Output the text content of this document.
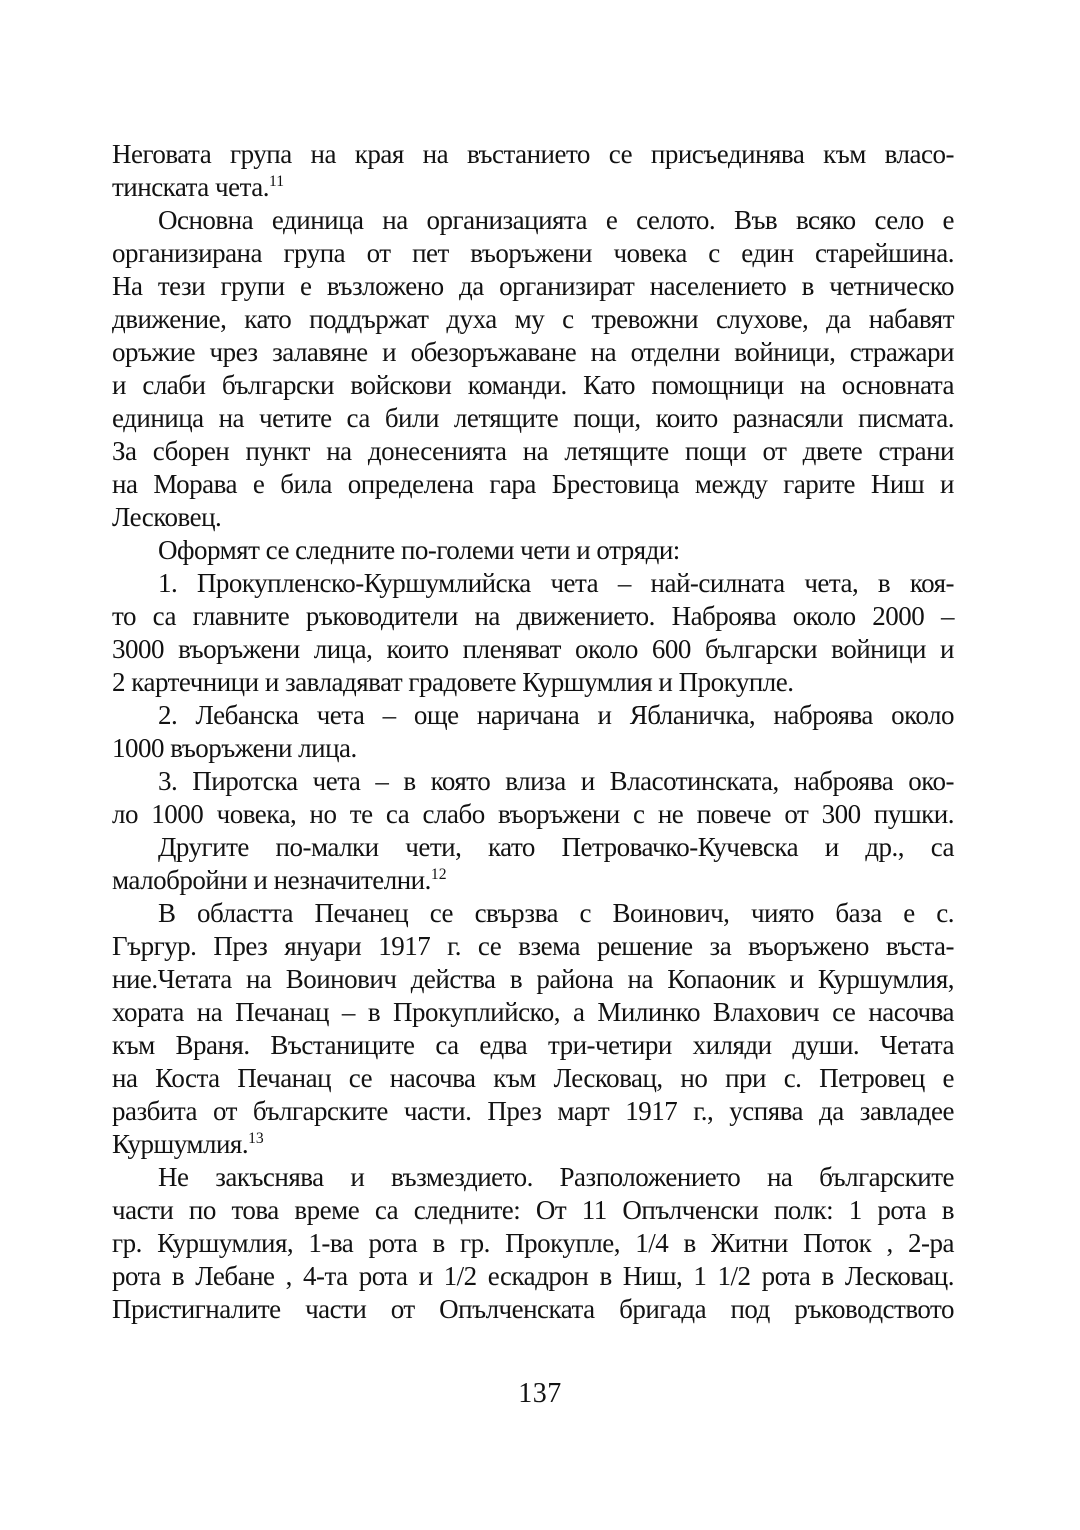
Неговата група на края на въстанието се присъединява към власо-
тинската чета.$^{11}$
Основна единица на организацията е селото. Във всяко село е
организирана група от пет въоръжени човека с един старейшина.
На тези групи е възложено да организират населението в четническо
движение, като поддържат духа му с тревожни слухове, да набавят
оръжие чрез залавяне и обезоръжаване на отделни войници, стражари
и слаби български войскови команди. Като помощници на основната
единица на четите са били летящите пощи, които разнасяли писмата.
За сборен пункт на донесенията на летящите пощи от двете страни
на Морава е била определена гара Брестовица между гарите Ниш и
Лесковец.
Оформят се следните по-големи чети и отряди:
1. Прокупленско-Куршумлийска чета – най-силната чета, в коя-
то са главните ръководители на движението. Наброява около 2000 –
3000 въоръжени лица, които пленяват около 600 български войници и
2 картечници и завладяват градовете Куршумлия и Прокупле.
2. Лебанска чета – още наричана и Ябланичка, наброява около
1000 въоръжени лица.
3. Пиротска чета – в която влиза и Власотинската, наброява око-
ло 1000 човека, но те са слабо въоръжени с не повече от 300 пушки.
Другите по-малки чети, като Петровачко-Кучевска и др., са
малобройни и незначителни.$^{12}$
В областта Печанец се свързва с Воинович, чиято база е с.
Гъргур. През януари 1917 г. се взема решение за въоръжено въста-
ние.Четата на Воинович действа в района на Копаоник и Куршумлия,
хората на Печанац – в Прокуплийско, а Милинко Влахович се насочва
към Враня. Въстаниците са едва три-четири хиляди души. Четата
на Коста Печанац се насочва към Лесковац, но при с. Петровец е
разбита от българските части. През март 1917 г., успява да завладее
Куршумлия.$^{13}$
Не закъснява и възмездието. Разположението на българските
части по това време са следните: От 11 Опълченски полк: 1 рота в
гр. Куршумлия, 1-ва рота в гр. Прокупле, 1/4 в Житни Поток , 2-ра
рота в Лебане , 4-та рота и 1/2 ескадрон в Ниш, 1 1/2 рота в Лесковац.
Пристигналите части от Опълченската бригада под ръководството
137
